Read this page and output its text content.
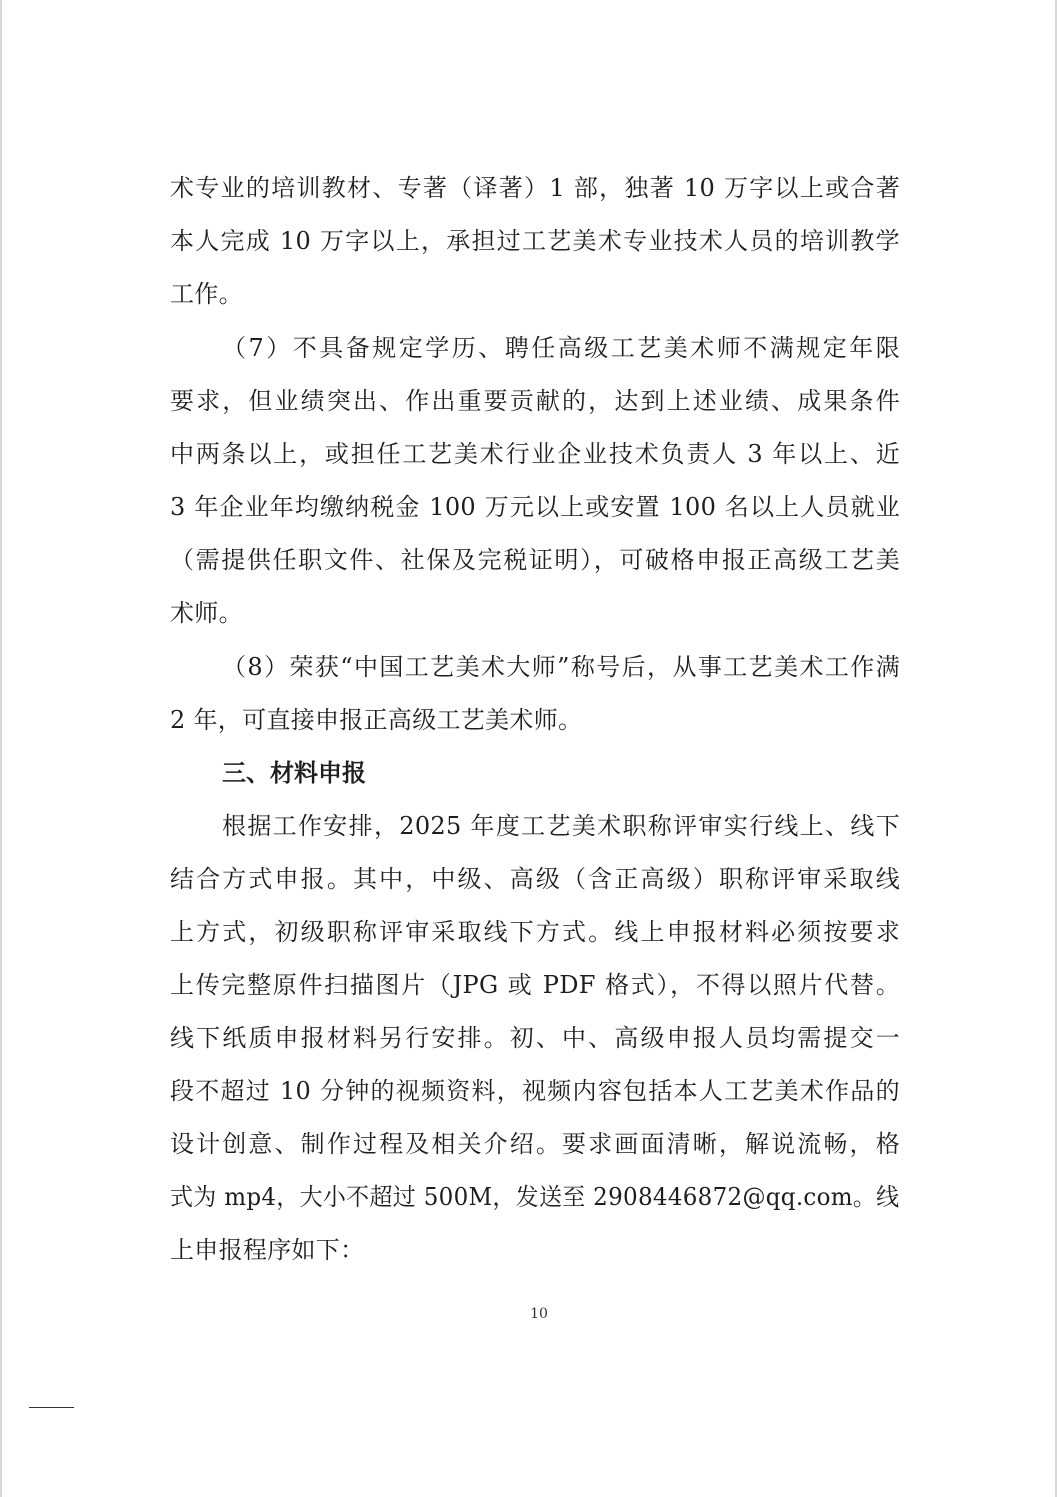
术专业的培训教材、专著（译著）1 部，独著 10 万字以上或合著
本人完成 10 万字以上，承担过工艺美术专业技术人员的培训教学
工作。
（7）不具备规定学历、聘任高级工艺美术师不满规定年限
要求，但业绩突出、作出重要贡献的，达到上述业绩、成果条件
中两条以上，或担任工艺美术行业企业技术负责人 3 年以上、近
3 年企业年均缴纳税金 100 万元以上或安置 100 名以上人员就业
（需提供任职文件、社保及完税证明），可破格申报正高级工艺美
术师。
（8）荣获“中国工艺美术大师”称号后，从事工艺美术工作满
2 年，可直接申报正高级工艺美术师。
三、材料申报
根据工作安排，2025 年度工艺美术职称评审实行线上、线下
结合方式申报。其中，中级、高级（含正高级）职称评审采取线
上方式，初级职称评审采取线下方式。线上申报材料必须按要求
上传完整原件扫描图片（JPG 或 PDF 格式），不得以照片代替。
线下纸质申报材料另行安排。初、中、高级申报人员均需提交一
段不超过 10 分钟的视频资料，视频内容包括本人工艺美术作品的
设计创意、制作过程及相关介绍。要求画面清晰，解说流畅，格
式为 mp4，大小不超过 500M，发送至 2908446872@qq.com。线
上申报程序如下：
10
